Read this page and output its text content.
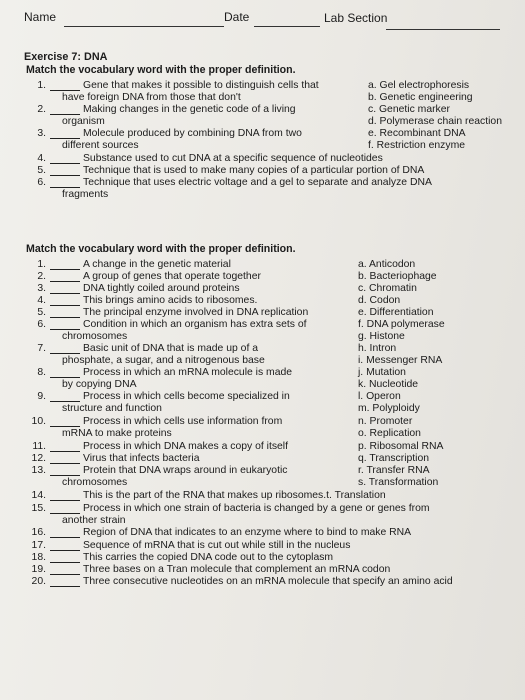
Name	Date	Lab Section
Exercise 7: DNA
Match the vocabulary word with the proper definition.
1.	Gene that makes it possible to distinguish cells that
have foreign DNA from those that don't
2.	Making changes in the genetic code of a living
organism
3.	Molecule produced by combining DNA from two
different sources
4.	Substance used to cut DNA at a specific sequence of nucleotides
5.	Technique that is used to make many copies of a particular portion of DNA
6.	Technique that uses electric voltage and a gel to separate and analyze DNA
fragments
a. Gel electrophoresis
b. Genetic engineering
c. Genetic marker
d. Polymerase chain reaction
e. Recombinant DNA
f. Restriction enzyme
Match the vocabulary word with the proper definition.
1.	A change in the genetic material
2.	A group of genes that operate together
3.	DNA tightly coiled around proteins
4.	This brings amino acids to ribosomes.
5.	The principal enzyme involved in DNA replication
6.	Condition in which an organism has extra sets of
chromosomes
7.	Basic unit of DNA that is made up of a
phosphate, a sugar, and a nitrogenous base
8.	Process in which an mRNA molecule is made
by copying DNA
9.	Process in which cells become specialized in
structure and function
10.	Process in which cells use information from
mRNA to make proteins
11.	Process in which DNA makes a copy of itself
12.	Virus that infects bacteria
13.	Protein that DNA wraps around in eukaryotic
chromosomes
14.	This is the part of the RNA that makes up ribosomes.t. Translation
15.	Process in which one strain of bacteria is changed by a gene or genes from
another strain
16.	Region of DNA that indicates to an enzyme where to bind to make RNA
17.	Sequence of mRNA that is cut out while still in the nucleus
18.	This carries the copied DNA code out to the cytoplasm
19.	Three bases on a Tran molecule that complement an mRNA codon
20.	Three consecutive nucleotides on an mRNA molecule that specify an amino acid
a. Anticodon
b. Bacteriophage
c. Chromatin
d. Codon
e. Differentiation
f. DNA polymerase
g. Histone
h. Intron
i. Messenger RNA
j. Mutation
k. Nucleotide
l. Operon
m. Polyploidy
n. Promoter
o. Replication
p. Ribosomal RNA
q. Transcription
r. Transfer RNA
s. Transformation
